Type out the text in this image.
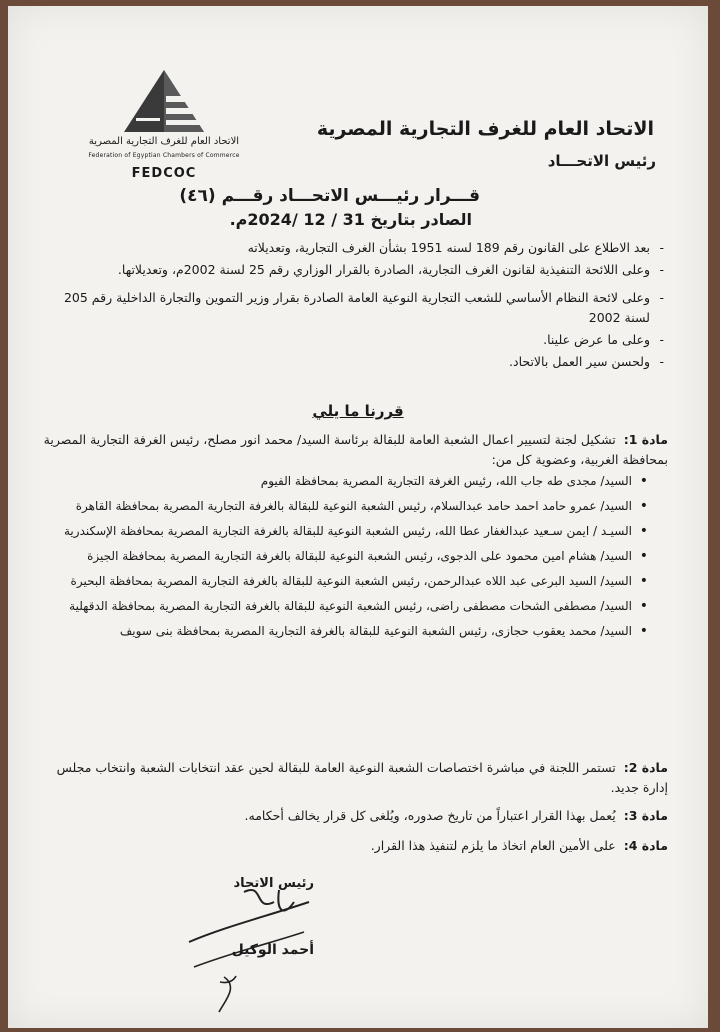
الاتحاد العام للغرف التجارية المصرية
Federation of Egyptian Chambers of Commerce
FEDCOC
الاتحاد العام للغرف التجارية المصرية
رئيس الاتحـــاد
قـــرار رئيـــس الاتحـــاد رقـــم (٤٦)
الصادر بتاريخ 31 / 12 /2024م.
- بعد الاطلاع على القانون رقم 189 لسنه 1951 بشأن الغرف التجارية، وتعديلاته
- وعلى اللائحة التنفيذية لقانون الغرف التجارية، الصادرة بالقرار الوزاري رقم 25 لسنة 2002م، وتعديلاتها.
- وعلى لائحة النظام الأساسي للشعب التجارية النوعية العامة الصادرة بقرار وزير التموين والتجارة الداخلية رقم 205 لسنة 2002
- وعلى ما عرض علينا.
- ولحسن سير العمل بالاتحاد.
قررنا ما يلي
مادة 1: تشكيل لجنة لتسيير اعمال الشعبة العامة للبقالة برئاسة السيد/ محمد انور مصلح، رئيس الغرفة التجارية المصرية بمحافظة الغربية، وعضوية كل من:
• السيد/ مجدى طه جاب الله، رئيس الغرفة التجارية المصرية بمحافظة الفيوم
• السيد/ عمرو حامد احمد حامد عبدالسلام، رئيس الشعبة النوعية للبقالة بالغرفة التجارية المصرية بمحافظة القاهرة
• السيـد / ايمن سـعيد عبدالغفار عطا الله، رئيس الشعبة النوعية للبقالة بالغرفة التجارية المصرية بمحافظة الإسكندرية
• السيد/ هشام امين محمود على الدجوى، رئيس الشعبة النوعية للبقالة بالغرفة التجارية المصرية بمحافظة الجيزة
• السيد/ السيد البرعى عبد اللاه عبدالرحمن، رئيس الشعبة النوعية للبقالة بالغرفة التجارية المصرية بمحافظة البحيرة
• السيد/ مصطفى الشحات مصطفى راضى، رئيس الشعبة النوعية للبقالة بالغرفة التجارية المصرية بمحافظة الدقهلية
• السيد/ محمد يعقوب حجازى، رئيس الشعبة النوعية للبقالة بالغرفة التجارية المصرية بمحافظة بنى سويف
مادة 2: تستمر اللجنة في مباشرة اختصاصات الشعبة النوعية العامة للبقالة لحين عقد انتخابات الشعبة وانتخاب مجلس إدارة جديد.
مادة 3: يُعمل بهذا القرار اعتباراً من تاريخ صدوره، ويُلغى كل قرار يخالف أحكامه.
مادة 4: على الأمين العام اتخاذ ما يلزم لتنفيذ هذا القرار.
رئيس الاتحاد
أحمد الوكيل
